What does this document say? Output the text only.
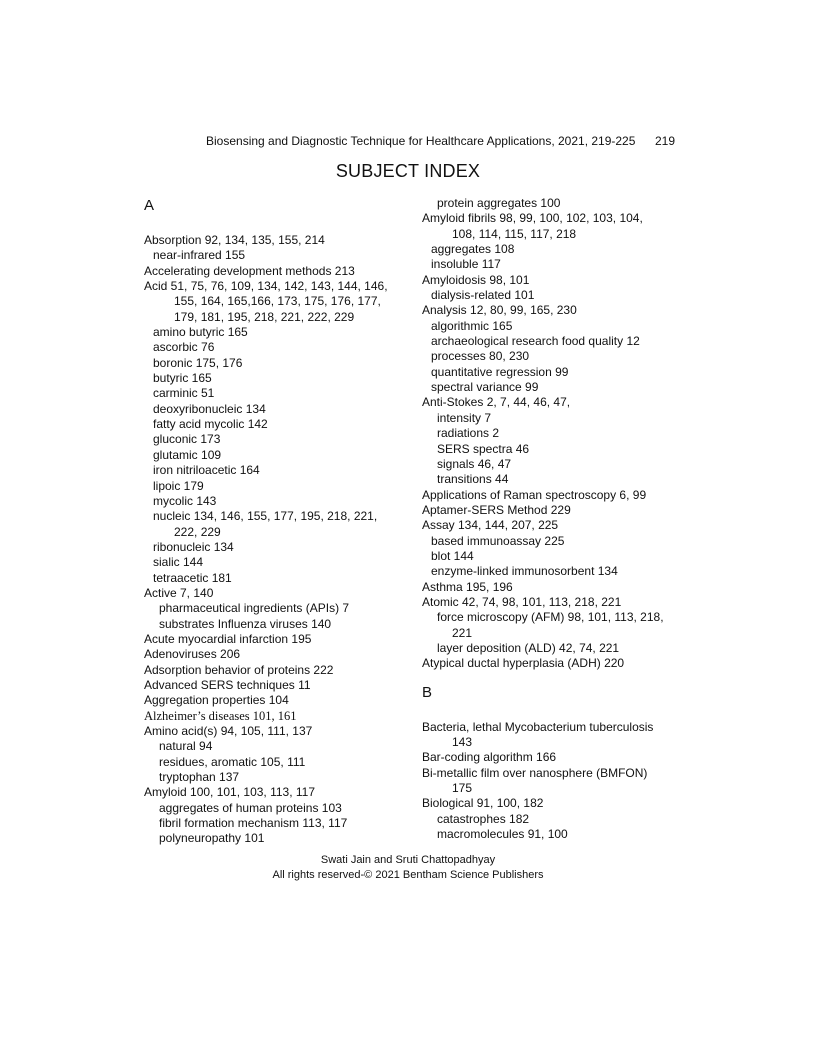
Biosensing and Diagnostic Technique for Healthcare Applications, 2021, 219-225 219
SUBJECT INDEX
A
Absorption 92, 134, 135, 155, 214
near-infrared 155
Accelerating development methods 213
Acid 51, 75, 76, 109, 134, 142, 143, 144, 146,
155, 164, 165,166, 173, 175, 176, 177,
179, 181, 195, 218, 221, 222, 229
amino butyric 165
ascorbic 76
boronic 175, 176
butyric 165
carminic 51
deoxyribonucleic 134
fatty acid mycolic 142
gluconic 173
glutamic 109
iron nitriloacetic 164
lipoic 179
mycolic 143
nucleic 134, 146, 155, 177, 195, 218, 221,
222, 229
ribonucleic 134
sialic 144
tetraacetic 181
Active 7, 140
pharmaceutical ingredients (APIs) 7
substrates Influenza viruses 140
Acute myocardial infarction 195
Adenoviruses 206
Adsorption behavior of proteins 222
Advanced SERS techniques 11
Aggregation properties 104
Alzheimer’s diseases 101, 161
Amino acid(s) 94, 105, 111, 137
natural 94
residues, aromatic 105, 111
tryptophan 137
Amyloid 100, 101, 103, 113, 117
aggregates of human proteins 103
fibril formation mechanism 113, 117
polyneuropathy 101
protein aggregates 100
Amyloid fibrils 98, 99, 100, 102, 103, 104,
108, 114, 115, 117, 218
aggregates 108
insoluble 117
Amyloidosis 98, 101
dialysis-related 101
Analysis 12, 80, 99, 165, 230
algorithmic 165
archaeological research food quality 12
processes 80, 230
quantitative regression 99
spectral variance 99
Anti-Stokes 2, 7, 44, 46, 47,
intensity 7
radiations 2
SERS spectra 46
signals 46, 47
transitions 44
Applications of Raman spectroscopy 6, 99
Aptamer-SERS Method 229
Assay 134, 144, 207, 225
based immunoassay 225
blot 144
enzyme-linked immunosorbent 134
Asthma 195, 196
Atomic 42, 74, 98, 101, 113, 218, 221
force microscopy (AFM) 98, 101, 113, 218,
221
layer deposition (ALD) 42, 74, 221
Atypical ductal hyperplasia (ADH) 220
B
Bacteria, lethal Mycobacterium tuberculosis
143
Bar-coding algorithm 166
Bi-metallic film over nanosphere (BMFON)
175
Biological 91, 100, 182
catastrophes 182
macromolecules 91, 100
Swati Jain and Sruti Chattopadhyay
All rights reserved-© 2021 Bentham Science Publishers
